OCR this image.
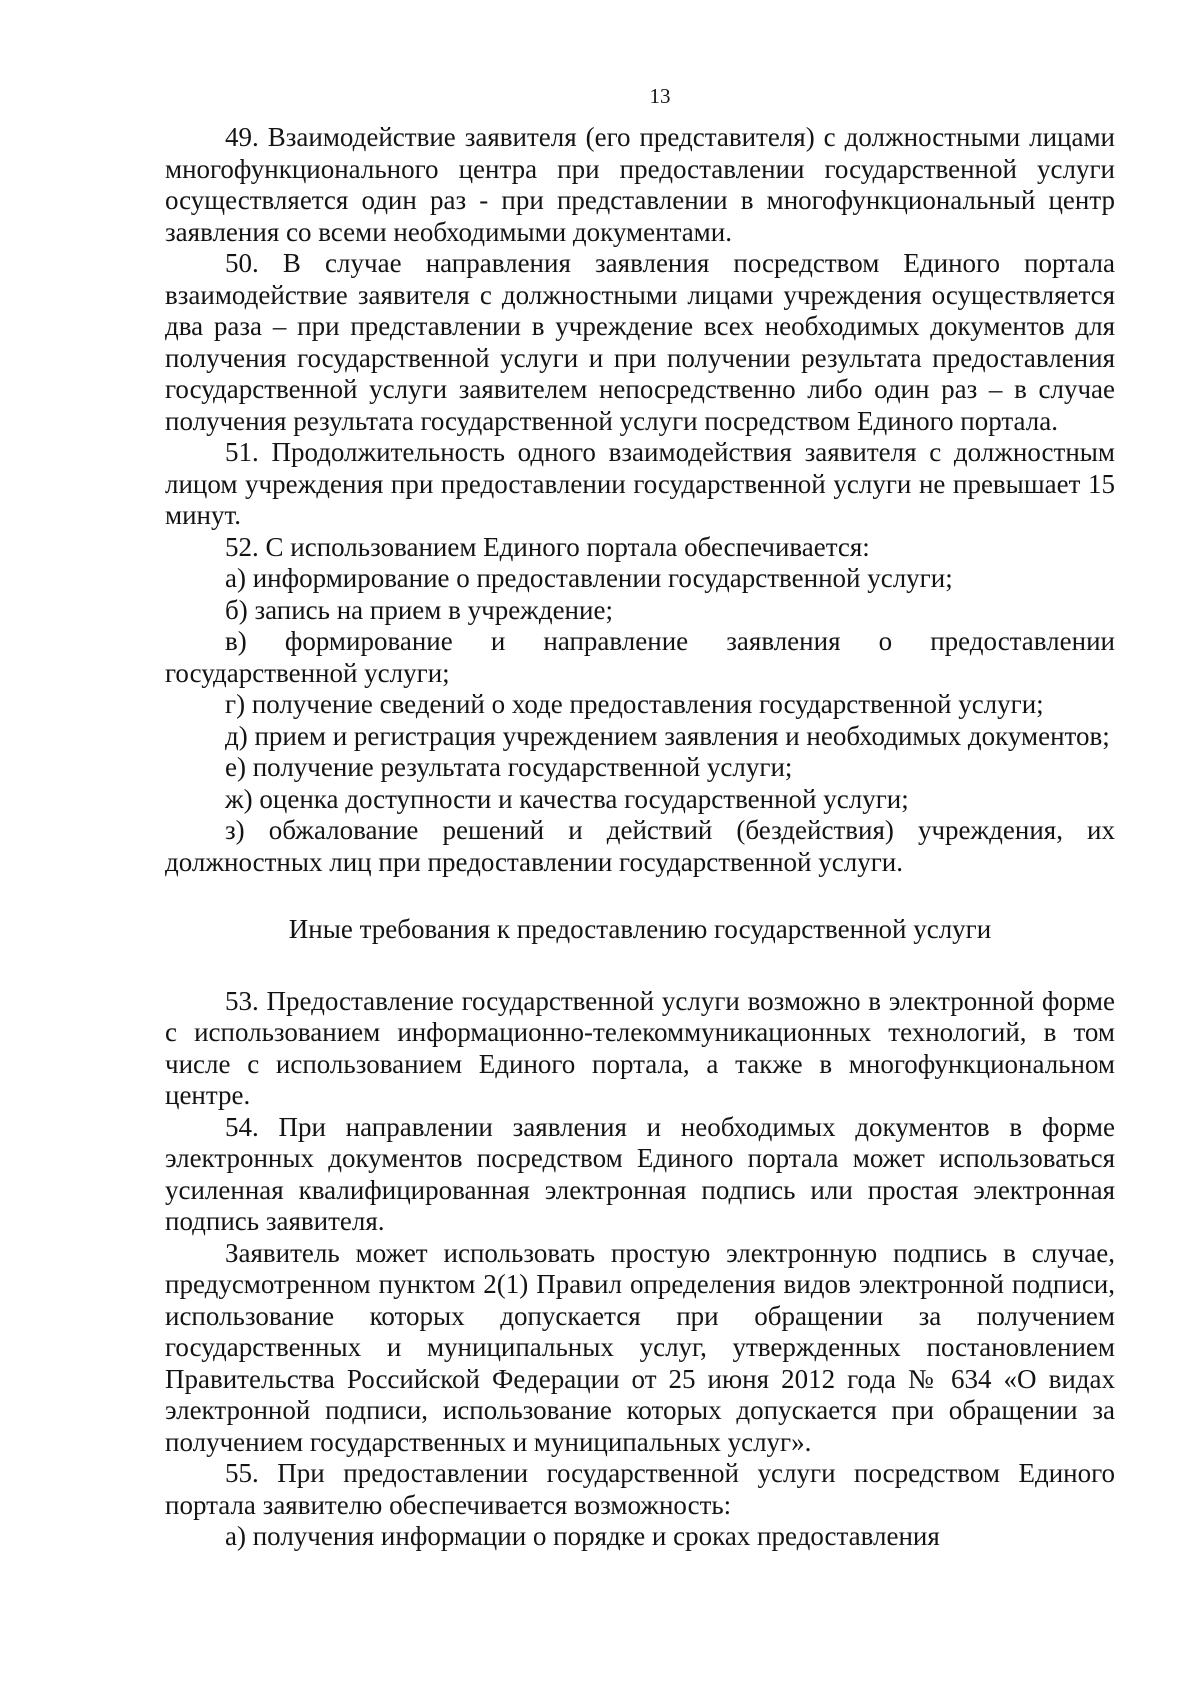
13

49. Взаимодействие заявителя (его представителя) с должностными лицами многофункционального центра при предоставлении государственной услуги осуществляется один раз - при представлении в многофункциональный центр заявления со всеми необходимыми документами.

50. В случае направления заявления посредством Единого портала взаимодействие заявителя с должностными лицами учреждения осуществляется два раза – при представлении в учреждение всех необходимых документов для получения государственной услуги и при получении результата предоставления государственной услуги заявителем непосредственно либо один раз – в случае получения результата государственной услуги посредством Единого портала.

51. Продолжительность одного взаимодействия заявителя с должностным лицом учреждения при предоставлении государственной услуги не превышает 15 минут.

52. С использованием Единого портала обеспечивается:

а) информирование о предоставлении государственной услуги;

б) запись на прием в учреждение;

в) формирование и направление заявления о предоставлении государственной услуги;

г) получение сведений о ходе предоставления государственной услуги;

д) прием и регистрация учреждением заявления и необходимых документов;

е) получение результата государственной услуги;

ж) оценка доступности и качества государственной услуги;

з) обжалование решений и действий (бездействия) учреждения, их должностных лиц при предоставлении государственной услуги.

Иные требования к предоставлению государственной услуги

53. Предоставление государственной услуги возможно в электронной форме с использованием информационно-телекоммуникационных технологий, в том числе с использованием Единого портала, а также в многофункциональном центре.

54. При направлении заявления и необходимых документов в форме электронных документов посредством Единого портала может использоваться усиленная квалифицированная электронная подпись или простая электронная подпись заявителя.

Заявитель может использовать простую электронную подпись в случае, предусмотренном пунктом 2(1) Правил определения видов электронной подписи, использование которых допускается при обращении за получением государственных и муниципальных услуг, утвержденных постановлением Правительства Российской Федерации от 25 июня 2012 года № 634 «О видах электронной подписи, использование которых допускается при обращении за получением государственных и муниципальных услуг».

55. При предоставлении государственной услуги посредством Единого портала заявителю обеспечивается возможность:

а) получения информации о порядке и сроках предоставления
